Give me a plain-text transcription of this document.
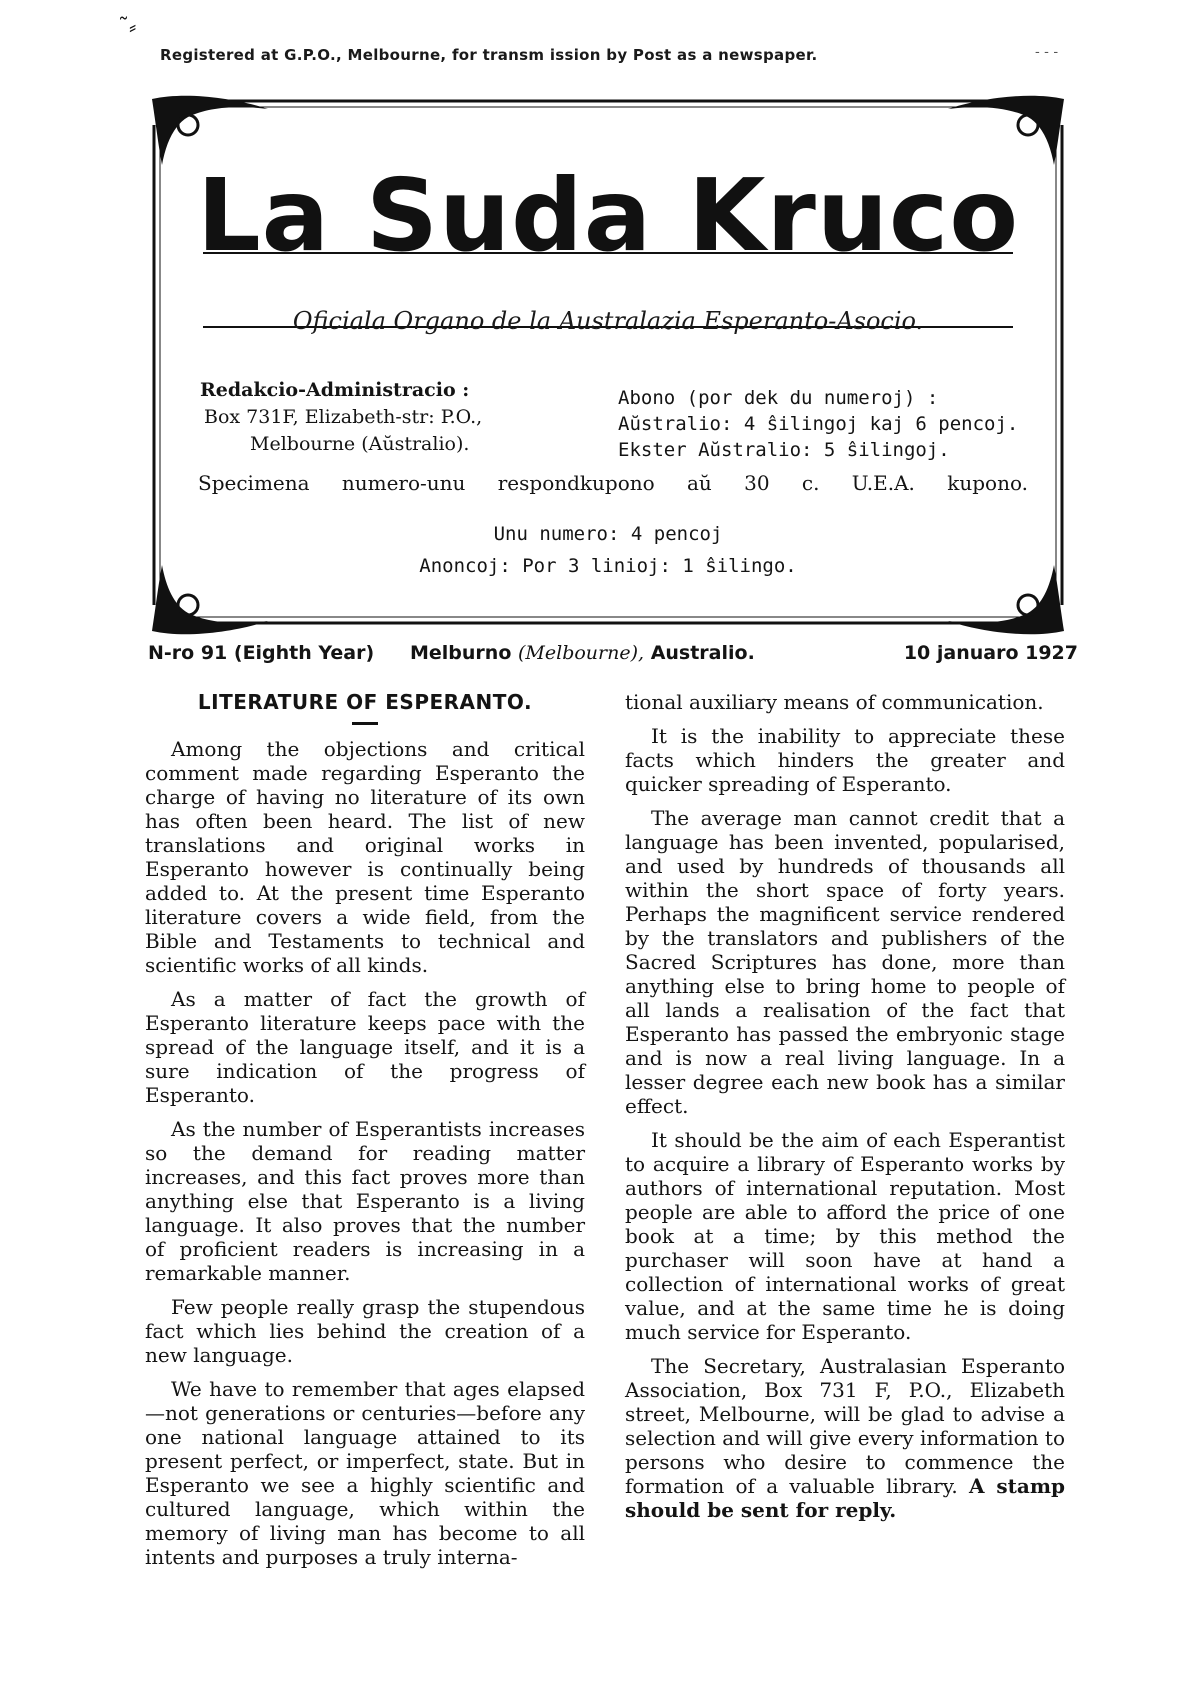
˜⸗
Registered at G.P.O., Melbourne, for transm ission by Post as a newspaper.	- - -
La Suda Kruco
Oficiala Organo de la Australazia Esperanto-Asocio.
Redakcio-Administracio :
Box 731F, Elizabeth-str: P.O.,
Melbourne (Aŭstralio).
Abono (por dek du numeroj) :
Aŭstralio: 4 ŝilingoj kaj 6 pencoj.
Ekster Aŭstralio: 5 ŝilingoj.
Specimena numero-unu respondkupono aŭ 30 c. U.E.A. kupono.
Unu numero: 4 pencoj
Anoncoj: Por 3 linioj: 1 ŝilingo.
N-ro 91 (Eighth Year) Melburno (Melbourne), Australio.	10 januaro 1927
LITERATURE OF ESPERANTO.

Among the objections and critical comment made regarding Esperanto the charge of having no literature of its own has often been heard. The list of new translations and original works in Esperanto however is continually being added to. At the present time Esperanto literature covers a wide field, from the Bible and Testaments to technical and scientific works of all kinds.

As a matter of fact the growth of Esperanto literature keeps pace with the spread of the language itself, and it is a sure indication of the progress of Esperanto.

As the number of Esperantists increases so the demand for reading matter increases, and this fact proves more than anything else that Esperanto is a living language. It also proves that the number of proficient readers is increasing in a remarkable manner.

Few people really grasp the stupendous fact which lies behind the creation of a new language.

We have to remember that ages elapsed—not generations or centuries—before any one national language attained to its present perfect, or imperfect, state. But in Esperanto we see a highly scientific and cultured language, which within the memory of living man has become to all intents and purposes a truly interna-

tional auxiliary means of communication.

It is the inability to appreciate these facts which hinders the greater and quicker spreading of Esperanto.

The average man cannot credit that a language has been invented, popularised, and used by hundreds of thousands all within the short space of forty years. Perhaps the magnificent service rendered by the translators and publishers of the Sacred Scriptures has done, more than anything else to bring home to people of all lands a realisation of the fact that Esperanto has passed the embryonic stage and is now a real living language. In a lesser degree each new book has a similar effect.

It should be the aim of each Esperantist to acquire a library of Esperanto works by authors of international reputation. Most people are able to afford the price of one book at a time; by this method the purchaser will soon have at hand a collection of international works of great value, and at the same time he is doing much service for Esperanto.

The Secretary, Australasian Esperanto Association, Box 731 F, P.O., Elizabeth street, Melbourne, will be glad to advise a selection and will give every information to persons who desire to commence the formation of a valuable library. A stamp should be sent for reply.
